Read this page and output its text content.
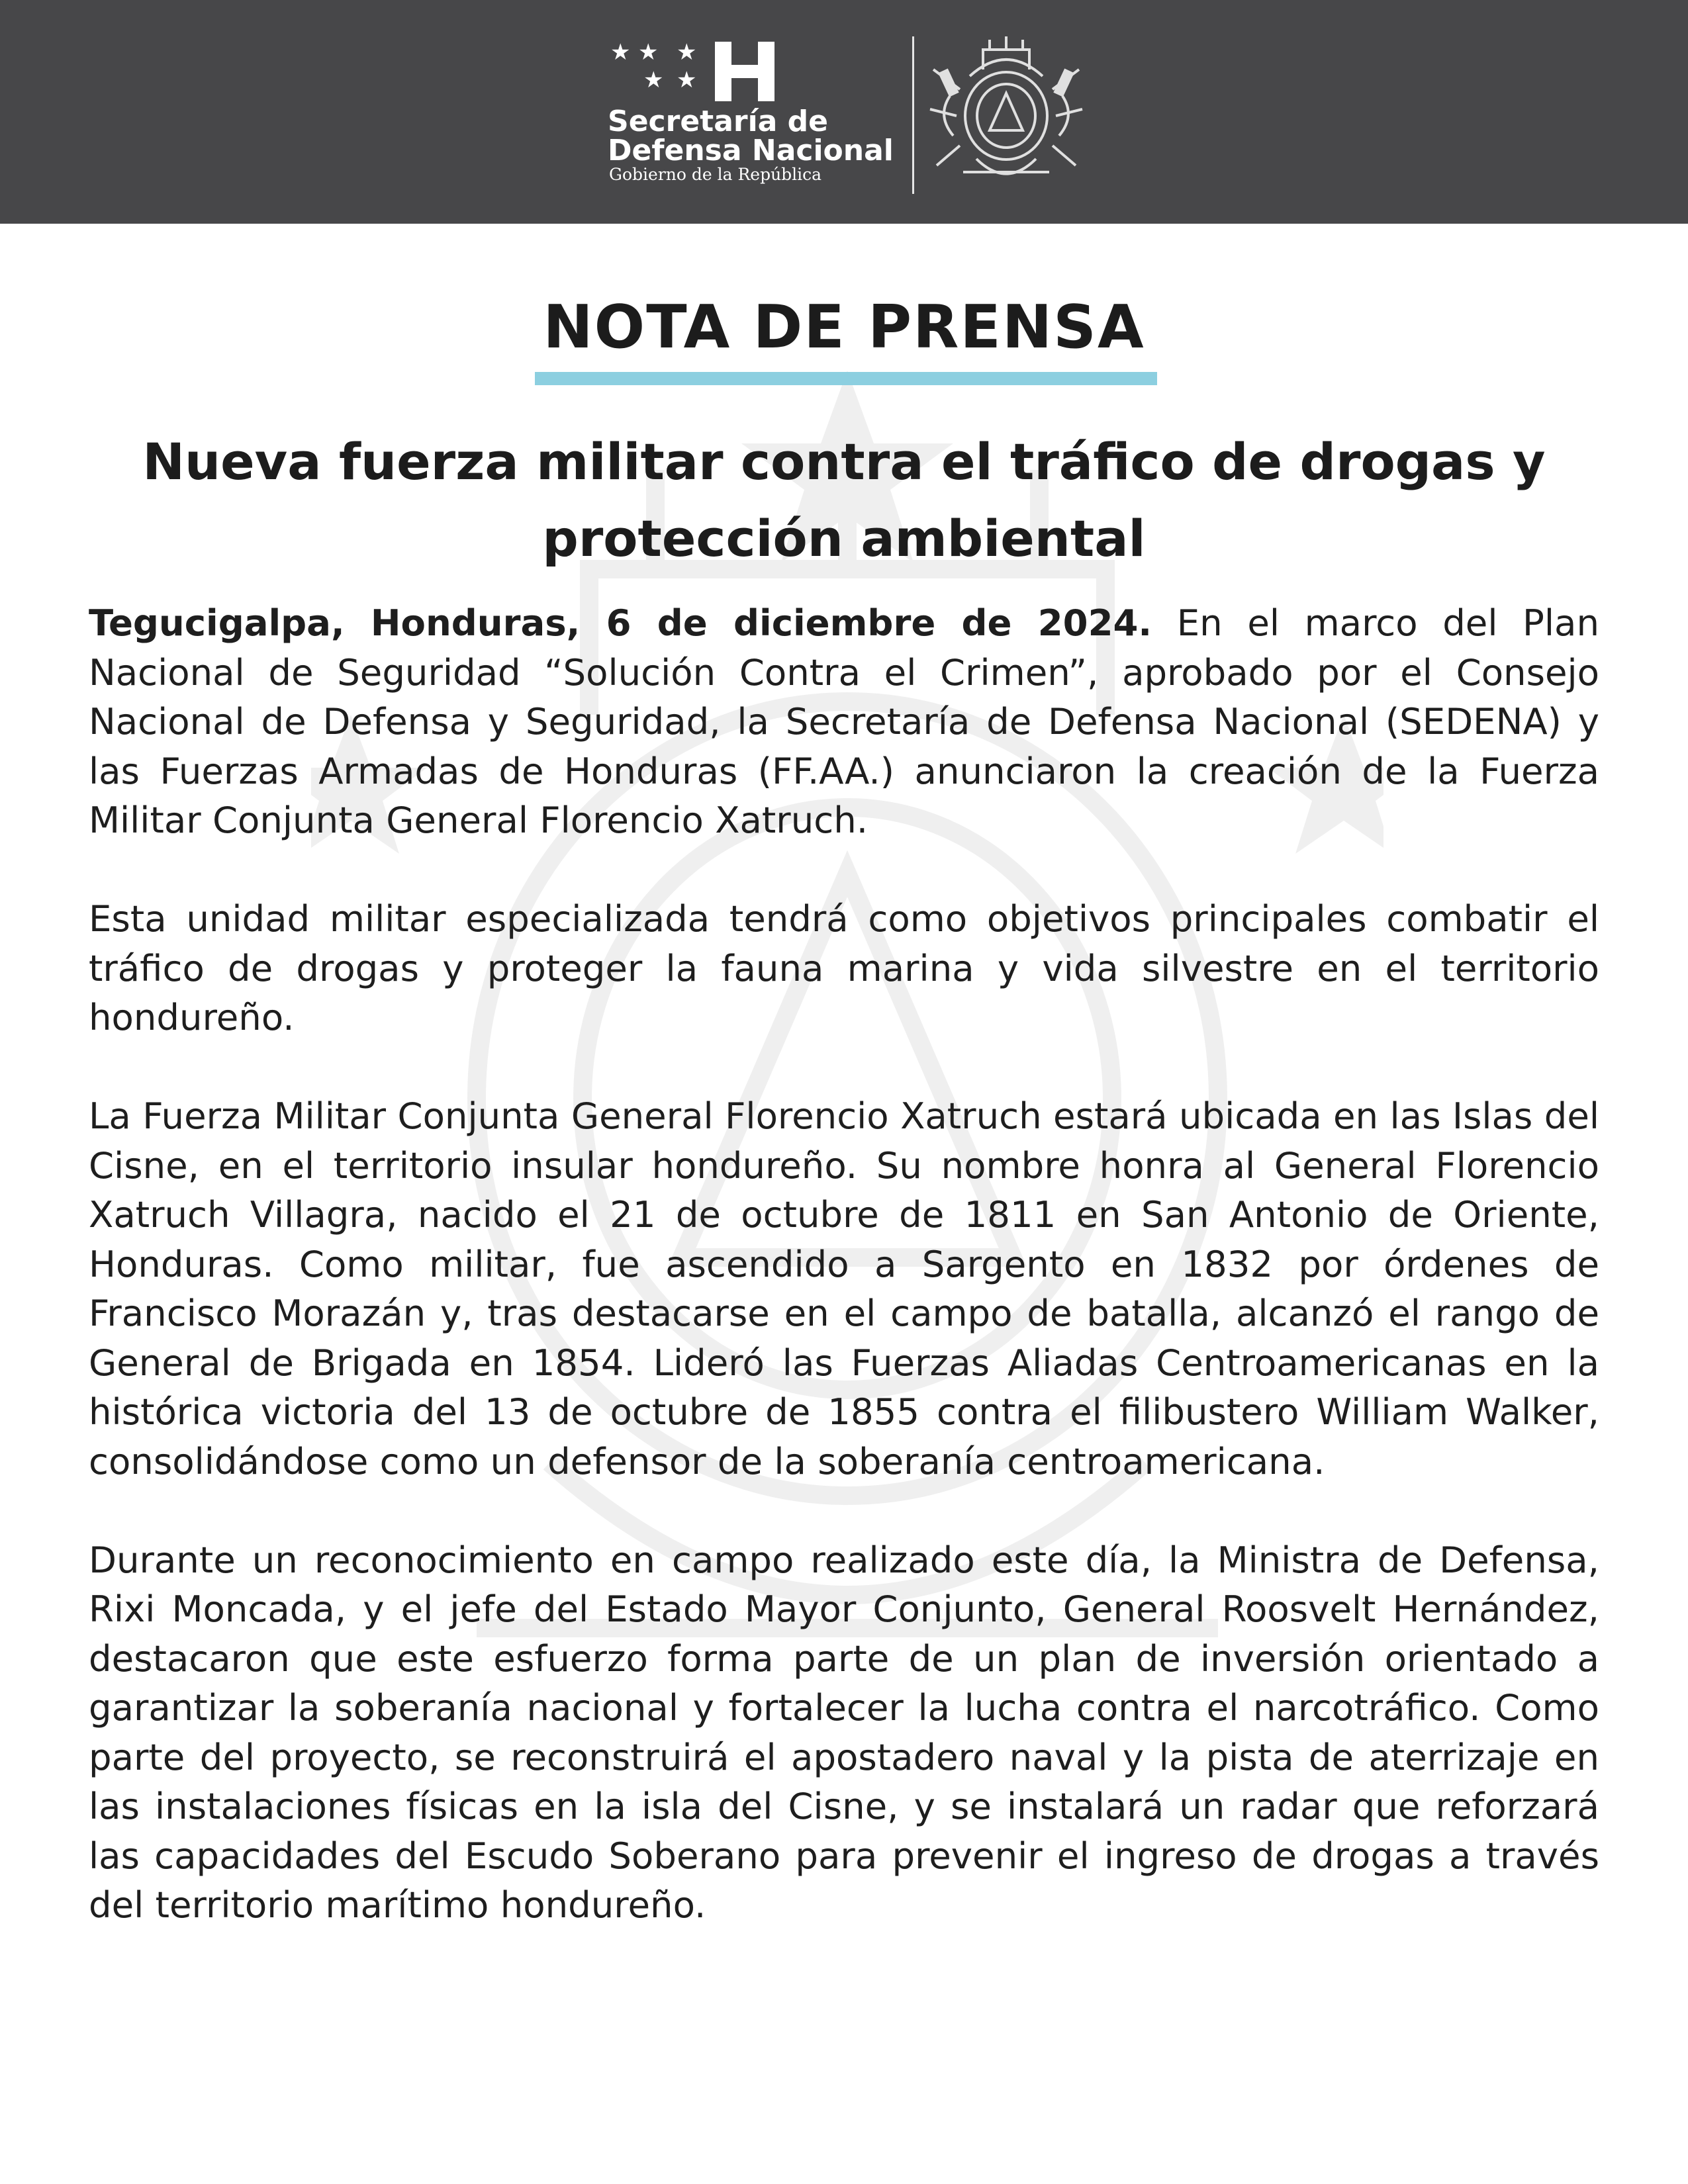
★ ★ ★
★ ★
Secretaría de
Defensa Nacional
Gobierno de la República
NOTA DE PRENSA
Nueva fuerza militar contra el tráfico de drogas y protección ambiental

Tegucigalpa, Honduras, 6 de diciembre de 2024. En el marco del Plan Nacional de Seguridad “Solución Contra el Crimen”, aprobado por el Consejo Nacional de Defensa y Seguridad, la Secretaría de Defensa Nacional (SEDENA) y las Fuerzas Armadas de Honduras (FF.AA.) anunciaron la creación de la Fuerza Militar Conjunta General Florencio Xatruch.

Esta unidad militar especializada tendrá como objetivos principales combatir el tráfico de drogas y proteger la fauna marina y vida silvestre en el territorio hondureño.

La Fuerza Militar Conjunta General Florencio Xatruch estará ubicada en las Islas del Cisne, en el territorio insular hondureño. Su nombre honra al General Florencio Xatruch Villagra, nacido el 21 de octubre de 1811 en San Antonio de Oriente, Honduras. Como militar, fue ascendido a Sargento en 1832 por órdenes de Francisco Morazán y, tras destacarse en el campo de batalla, alcanzó el rango de General de Brigada en 1854. Lideró las Fuerzas Aliadas Centroamericanas en la histórica victoria del 13 de octubre de 1855 contra el filibustero William Walker, consolidándose como un defensor de la soberanía centroamericana.

Durante un reconocimiento en campo realizado este día, la Ministra de Defensa, Rixi Moncada, y el jefe del Estado Mayor Conjunto, General Roosvelt Hernández, destacaron que este esfuerzo forma parte de un plan de inversión orientado a garantizar la soberanía nacional y fortalecer la lucha contra el narcotráfico. Como parte del proyecto, se reconstruirá el apostadero naval y la pista de aterrizaje en las instalaciones físicas en la isla del Cisne, y se instalará un radar que reforzará las capacidades del Escudo Soberano para prevenir el ingreso de drogas a través del territorio marítimo hondureño.
